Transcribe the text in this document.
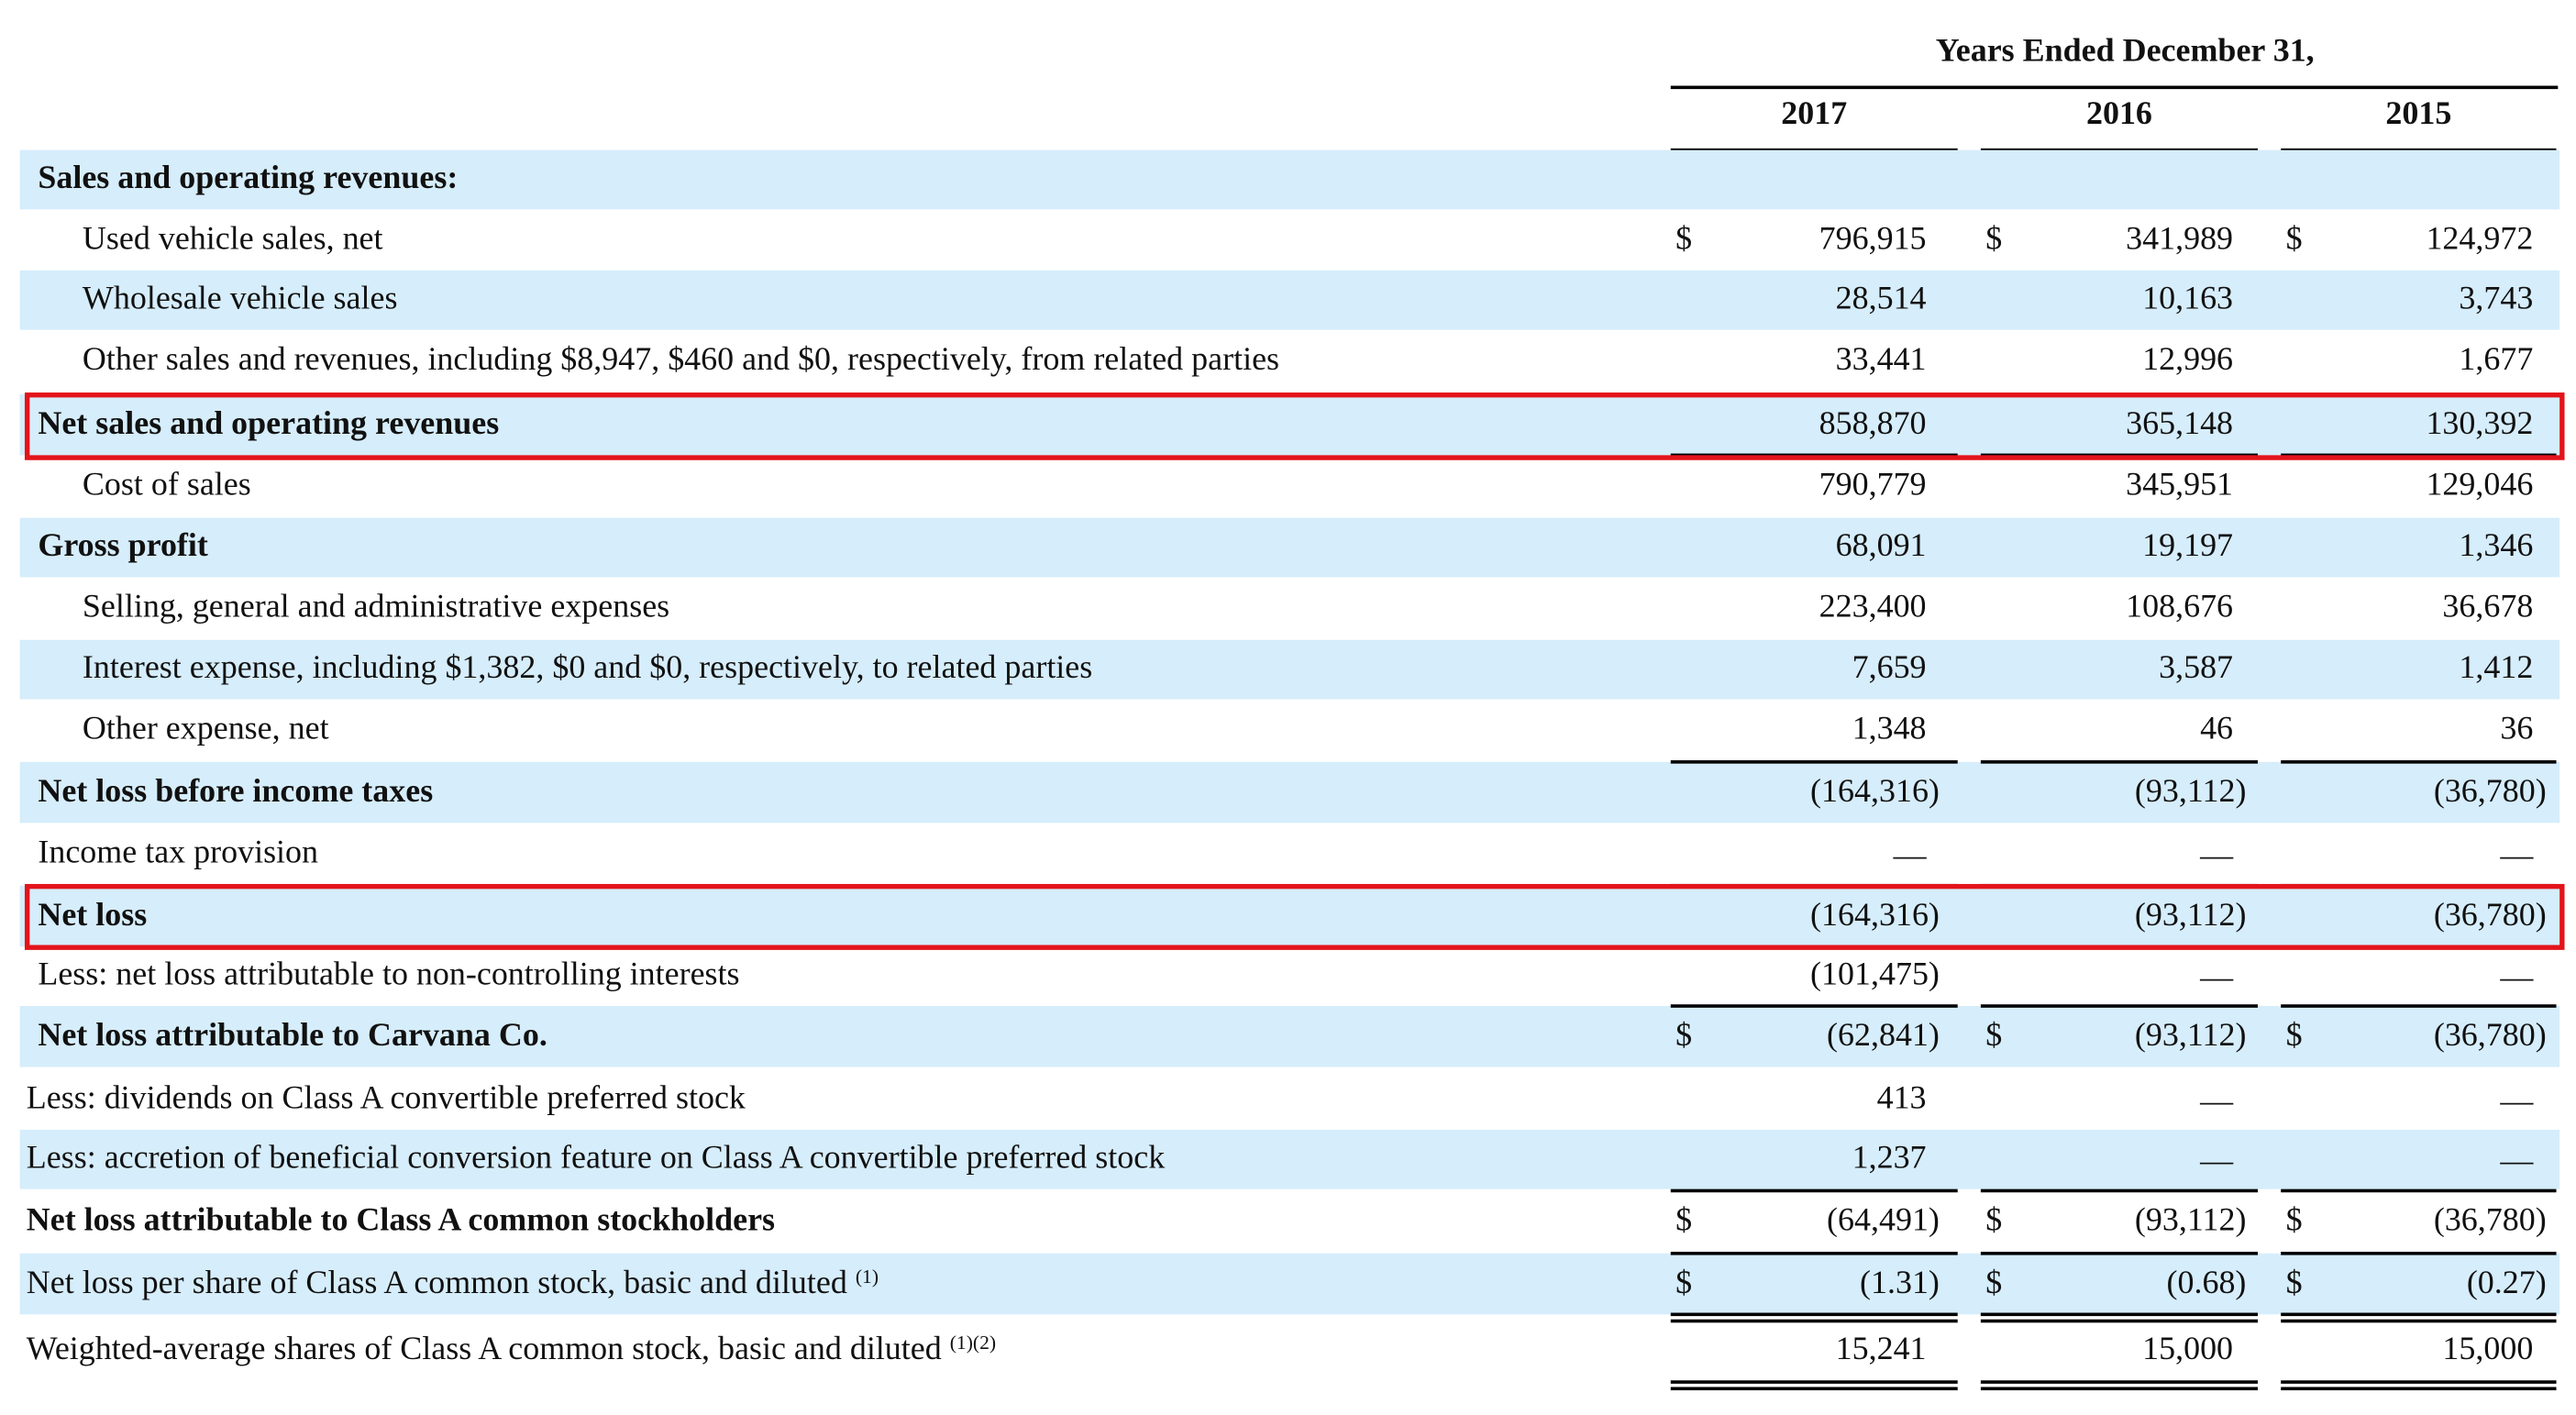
Years Ended December 31,
2017	2016	2015
Sales and operating revenues:
Used vehicle sales, net	$	796,915	$	341,989	$	124,972
Wholesale vehicle sales	28,514	10,163	3,743
Other sales and revenues, including $8,947, $460 and $0, respectively, from related parties	33,441	12,996	1,677
Net sales and operating revenues	858,870	365,148	130,392
Cost of sales	790,779	345,951	129,046
Gross profit	68,091	19,197	1,346
Selling, general and administrative expenses	223,400	108,676	36,678
Interest expense, including $1,382, $0 and $0, respectively, to related parties	7,659	3,587	1,412
Other expense, net	1,348	46	36
Net loss before income taxes	(164,316)	(93,112)	(36,780)
Income tax provision	—	—	—
Net loss	(164,316)	(93,112)	(36,780)
Less: net loss attributable to non-controlling interests	(101,475)	—	—
Net loss attributable to Carvana Co.	$	(62,841)	$	(93,112) $	(36,780)
Less: dividends on Class A convertible preferred stock	413	—	—
Less: accretion of beneficial conversion feature on Class A convertible preferred stock	1,237	—	—
Net loss attributable to Class A common stockholders	$	(64,491)	$	(93,112) $	(36,780)
Net loss per share of Class A common stock, basic and diluted $^{(1)}$	$	(1.31)	$	(0.68) $	(0.27)
Weighted-average shares of Class A common stock, basic and diluted $^{(1)(2)}$	15,241	15,000	15,000
